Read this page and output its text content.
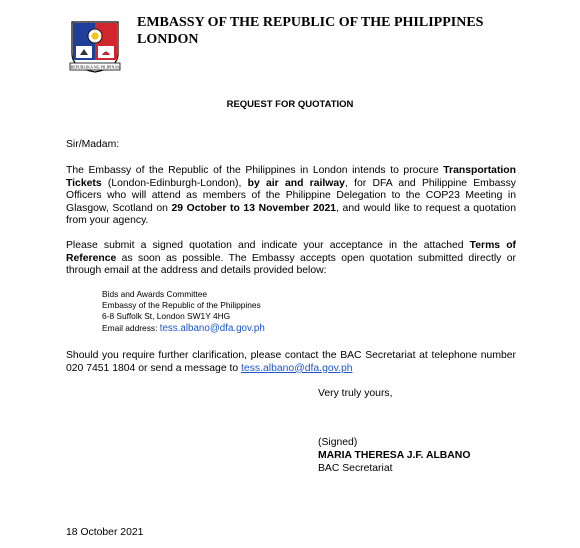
REPUBLIKA NG PILIPINAS
EMBASSY OF THE REPUBLIC OF THE PHILIPPINES
LONDON
REQUEST FOR QUOTATION
Sir/Madam:
The Embassy of the Republic of the Philippines in London intends to procure Transportation Tickets (London-Edinburgh-London), by air and railway, for DFA and Philippine Embassy Officers who will attend as members of the Philippine Delegation to the COP23 Meeting in Glasgow, Scotland on 29 October to 13 November 2021, and would like to request a quotation from your agency.
Please submit a signed quotation and indicate your acceptance in the attached Terms of Reference as soon as possible. The Embassy accepts open quotation submitted directly or through email at the address and details provided below:
Bids and Awards Committee
Embassy of the Republic of the Philippines
6-8 Suffolk St, London SW1Y 4HG
Email address: tess.albano@dfa.gov.ph
Should you require further clarification, please contact the BAC Secretariat at telephone number 020 7451 1804 or send a message to tess.albano@dfa.gov.ph
Very truly yours,
(Signed)
MARIA THERESA J.F. ALBANO
BAC Secretariat
18 October 2021
